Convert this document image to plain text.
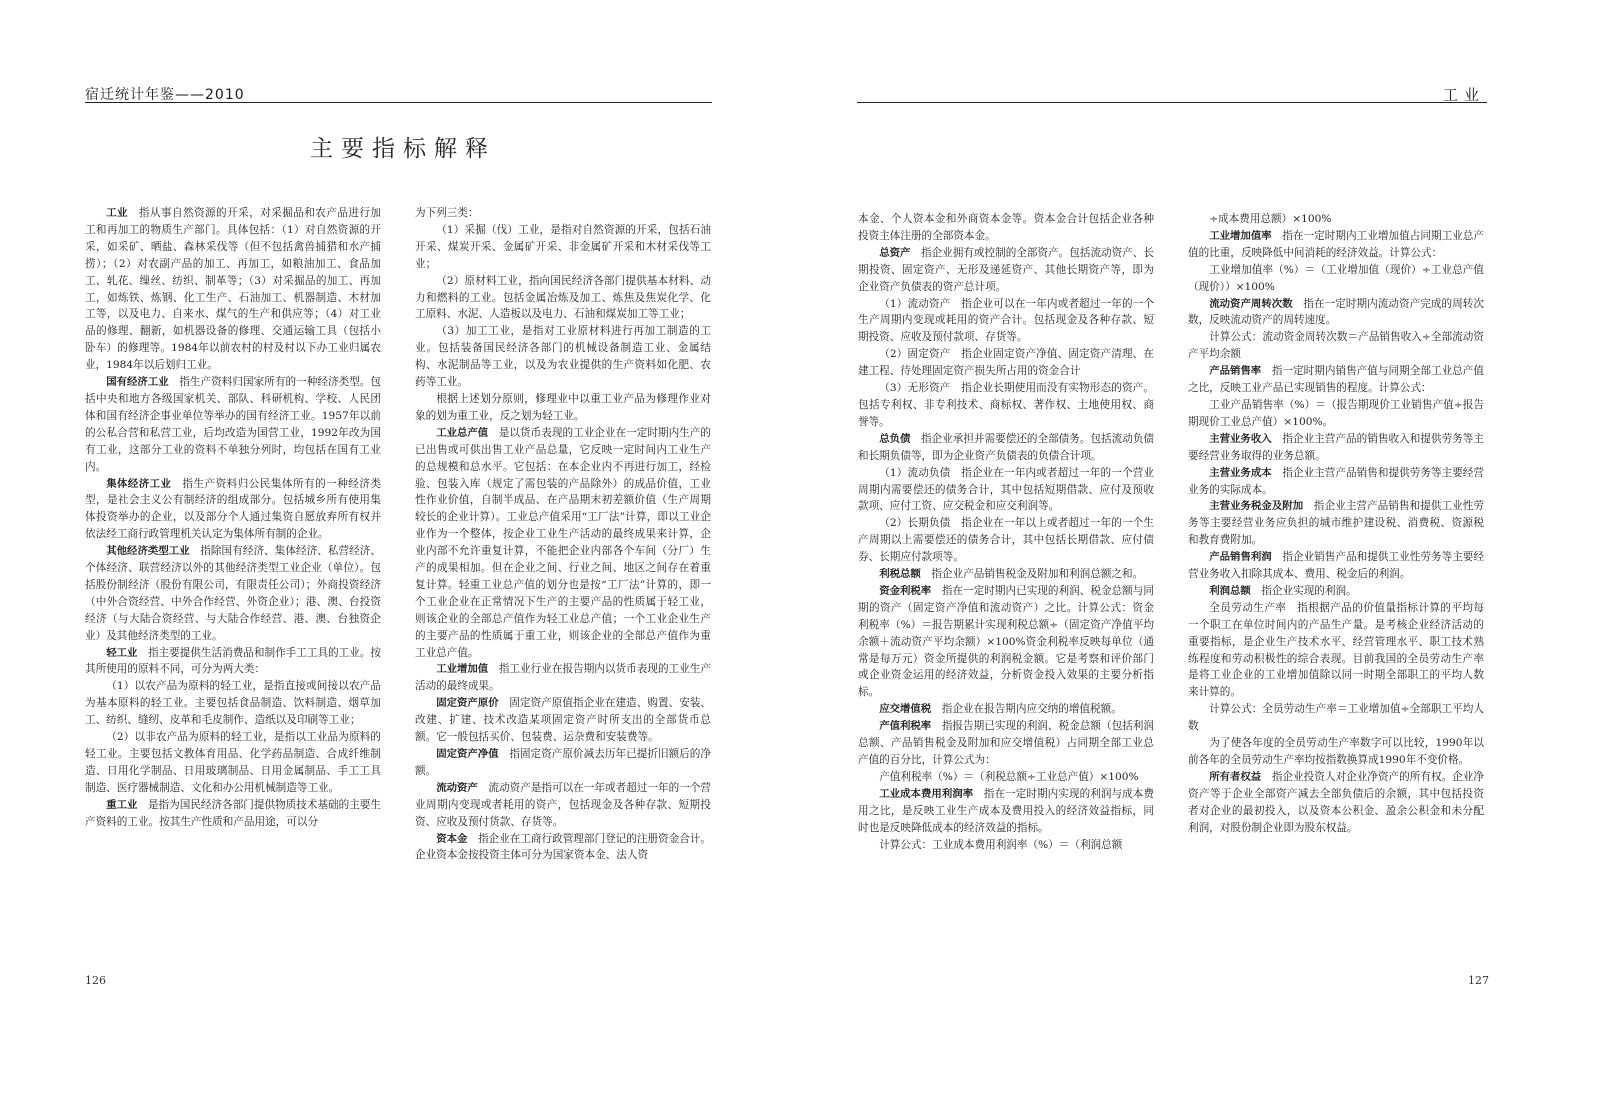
宿迁统计年鉴——2010
主要指标解释

工业　 指从事自然资源的开采，对采掘品和农产品进行加工和再加工的物质生产部门。具体包括：（1）对自然资源的开采，如采矿、晒盐、森林采伐等（但不包括禽兽捕猎和水产捕捞）；（2）对农副产品的加工、再加工，如粮油加工、食品加工、轧花、缫丝、纺织、制革等；（3）对采掘品的加工、再加工，如炼铁、炼钢、化工生产、石油加工、机器制造、木材加工等，以及电力、自来水、煤气的生产和供应等；（4）对工业品的修理、翻新，如机器设备的修理、交通运输工具（包括小卧车）的修理等。1984年以前农村的村及村以下办工业归属农业，1984年以后划归工业。

国有经济工业　 指生产资料归国家所有的一种经济类型。包括中央和地方各级国家机关、部队、科研机构、学校、人民团体和国有经济企事业单位等举办的国有经济工业。1957年以前的公私合营和私营工业，后均改造为国营工业，1992年改为国有工业，这部分工业的资料不单独分列时，均包括在国有工业内。

集体经济工业　 指生产资料归公民集体所有的一种经济类型，是社会主义公有制经济的组成部分。包括城乡所有使用集体投资举办的企业，以及部分个人通过集资自愿放弃所有权并依法经工商行政管理机关认定为集体所有制的企业。

其他经济类型工业　 指除国有经济、集体经济、私营经济、个体经济、联营经济以外的其他经济类型工业企业（单位）。包括股份制经济（股份有限公司，有限责任公司）；外商投资经济（中外合资经营、中外合作经营、外资企业）；港、澳、台投资经济（与大陆合资经营、与大陆合作经营、港、澳、台独资企业）及其他经济类型的工业。

轻工业　 指主要提供生活消费品和制作手工工具的工业。按其所使用的原料不同，可分为两大类：

（1）以农产品为原料的轻工业，是指直接或间接以农产品为基本原料的轻工业。主要包括食品制造、饮料制造、烟草加工、纺织、缝纫、皮革和毛皮制作、造纸以及印刷等工业；

（2）以非农产品为原料的轻工业，是指以工业品为原料的轻工业。主要包括文教体育用品、化学药品制造、合成纤维制造、日用化学制品、日用玻璃制品、日用金属制品、手工工具制造、医疗器械制造、文化和办公用机械制造等工业。

重工业　 是指为国民经济各部门提供物质技术基础的主要生产资料的工业。按其生产性质和产品用途，可以分

为下列三类：

（1）采掘（伐）工业，是指对自然资源的开采，包括石油开采、煤炭开采、金属矿开采、非金属矿开采和木材采伐等工业；

（2）原材料工业，指向国民经济各部门提供基本材料、动力和燃料的工业。包括金属冶炼及加工、炼焦及焦炭化学、化工原料、水泥、人造板以及电力、石油和煤炭加工等工业；

（3）加工工业，是指对工业原材料进行再加工制造的工业。包括装备国民经济各部门的机械设备制造工业、金属结构、水泥制品等工业，以及为农业提供的生产资料如化肥、农药等工业。

根据上述划分原则，修理业中以重工业产品为修理作业对象的划为重工业，反之划为轻工业。

工业总产值　 是以货币表现的工业企业在一定时期内生产的已出售或可供出售工业产品总量，它反映一定时间内工业生产的总规模和总水平。它包括：在本企业内不再进行加工，经检验、包装入库（规定了需包装的产品除外）的成品价值，工业性作业价值，自制半成品、在产品期末初差额价值（生产周期较长的企业计算）。工业总产值采用“工厂法”计算，即以工业企业作为一个整体，按企业工业生产活动的最终成果来计算，企业内部不允许重复计算，不能把企业内部各个车间（分厂）生产的成果相加。但在企业之间、行业之间、地区之间存在着重复计算。轻重工业总产值的划分也是按“工厂法”计算的，即一个工业企业在正常情况下生产的主要产品的性质属于轻工业，则该企业的全部总产值作为轻工业总产值；一个工业企业生产的主要产品的性质属于重工业，则该企业的全部总产值作为重工业总产值。

工业增加值　 指工业行业在报告期内以货币表现的工业生产活动的最终成果。

固定资产原价　 固定资产原值指企业在建造、购置、安装、改建、扩建、技术改造某项固定资产时所支出的全部货币总额。它一般包括买价、包装费、运杂费和安装费等。

固定资产净值　 指固定资产原价减去历年已提折旧额后的净额。

流动资产　 流动资产是指可以在一年或者超过一年的一个营业周期内变现或者耗用的资产，包括现金及各种存款、短期投资、应收及预付货款、存货等。

资本金　 指企业在工商行政管理部门登记的注册资金合计。企业资本金按投资主体可分为国家资本金、法人资

126
工业

本金、个人资本金和外商资本金等。资本金合计包括企业各种投资主体注册的全部资本金。

总资产　 指企业拥有或控制的全部资产。包括流动资产、长期投资、固定资产、无形及递延资产、其他长期资产等，即为企业资产负债表的资产总计项。

（1）流动资产　指企业可以在一年内或者超过一年的一个生产周期内变现或耗用的资产合计。包括现金及各种存款、短期投资、应收及预付款项、存货等。

（2）固定资产　指企业固定资产净值、固定资产清理、在建工程、待处理固定资产损失所占用的资金合计

（3）无形资产　指企业长期使用而没有实物形态的资产。包括专利权、非专利技术、商标权、著作权、土地使用权、商誉等。

总负债　 指企业承担并需要偿还的全部债务。包括流动负债和长期负债等，即为企业资产负债表的负债合计项。

（1）流动负债　指企业在一年内或者超过一年的一个营业周期内需要偿还的债务合计，其中包括短期借款、应付及预收款项、应付工资、应交税金和应交利润等。

（2）长期负债　指企业在一年以上或者超过一年的一个生产周期以上需要偿还的债务合计，其中包括长期借款、应付债券、长期应付款项等。

利税总额　 指企业产品销售税金及附加和利润总额之和。

资金利税率　 指在一定时期内已实现的利润、税金总额与同期的资产（固定资产净值和流动资产）之比。计算公式：资金利税率（%）＝报告期累计实现利税总额÷（固定资产净值平均余额＋流动资产平均余额）×100%资金利税率反映每单位（通常是每万元）资金所提供的利润税金额。它是考察和评价部门或企业资金运用的经济效益，分析资金投入效果的主要分析指标。

应交增值税　 指企业在报告期内应交纳的增值税额。

产值利税率　 指报告期已实现的利润、税金总额（包括利润总额、产品销售税金及附加和应交增值税）占同期全部工业总产值的百分比，计算公式为：

产值利税率（%）＝（利税总额÷工业总产值）×100%

工业成本费用利润率　 指在一定时期内实现的利润与成本费用之比，是反映工业生产成本及费用投入的经济效益指标，同时也是反映降低成本的经济效益的指标。

计算公式：工业成本费用利润率（%）＝（利润总额

÷成本费用总额）×100%

工业增加值率　 指在一定时期内工业增加值占同期工业总产值的比重，反映降低中间消耗的经济效益。计算公式：

工业增加值率（%）＝（工业增加值（现价）÷工业总产值（现价））×100%

流动资产周转次数　 指在一定时期内流动资产完成的周转次数，反映流动资产的周转速度。

计算公式：流动资金周转次数＝产品销售收入÷全部流动资产平均余额

产品销售率　 指一定时期内销售产值与同期全部工业总产值之比，反映工业产品已实现销售的程度。计算公式：

工业产品销售率（%）＝（报告期现价工业销售产值÷报告期现价工业总产值）×100%。

主营业务收入　 指企业主营产品的销售收入和提供劳务等主要经营业务取得的业务总额。

主营业务成本　 指企业主营产品销售和提供劳务等主要经营业务的实际成本。

主营业务税金及附加　 指企业主营产品销售和提供工业性劳务等主要经营业务应负担的城市维护建设税、消费税、资源税和教育费附加。

产品销售利润　 指企业销售产品和提供工业性劳务等主要经营业务收入扣除其成本、费用、税金后的利润。

利润总额　 指企业实现的利润。

全员劳动生产率　指根据产品的价值量指标计算的平均每一个职工在单位时间内的产品生产量。是考核企业经济活动的重要指标，是企业生产技术水平、经营管理水平、职工技术熟练程度和劳动积极性的综合表现。目前我国的全员劳动生产率是将工业企业的工业增加值除以同一时期全部职工的平均人数来计算的。

计算公式：全员劳动生产率＝工业增加值÷全部职工平均人数

为了使各年度的全员劳动生产率数字可以比较，1990年以前各年的全员劳动生产率均按指数换算成1990年不变价格。

所有者权益　 指企业投资人对企业净资产的所有权。企业净资产等于企业全部资产减去全部负债后的余额，其中包括投资者对企业的最初投入，以及资本公积金、盈余公积金和未分配利润，对股份制企业即为股东权益。

127
